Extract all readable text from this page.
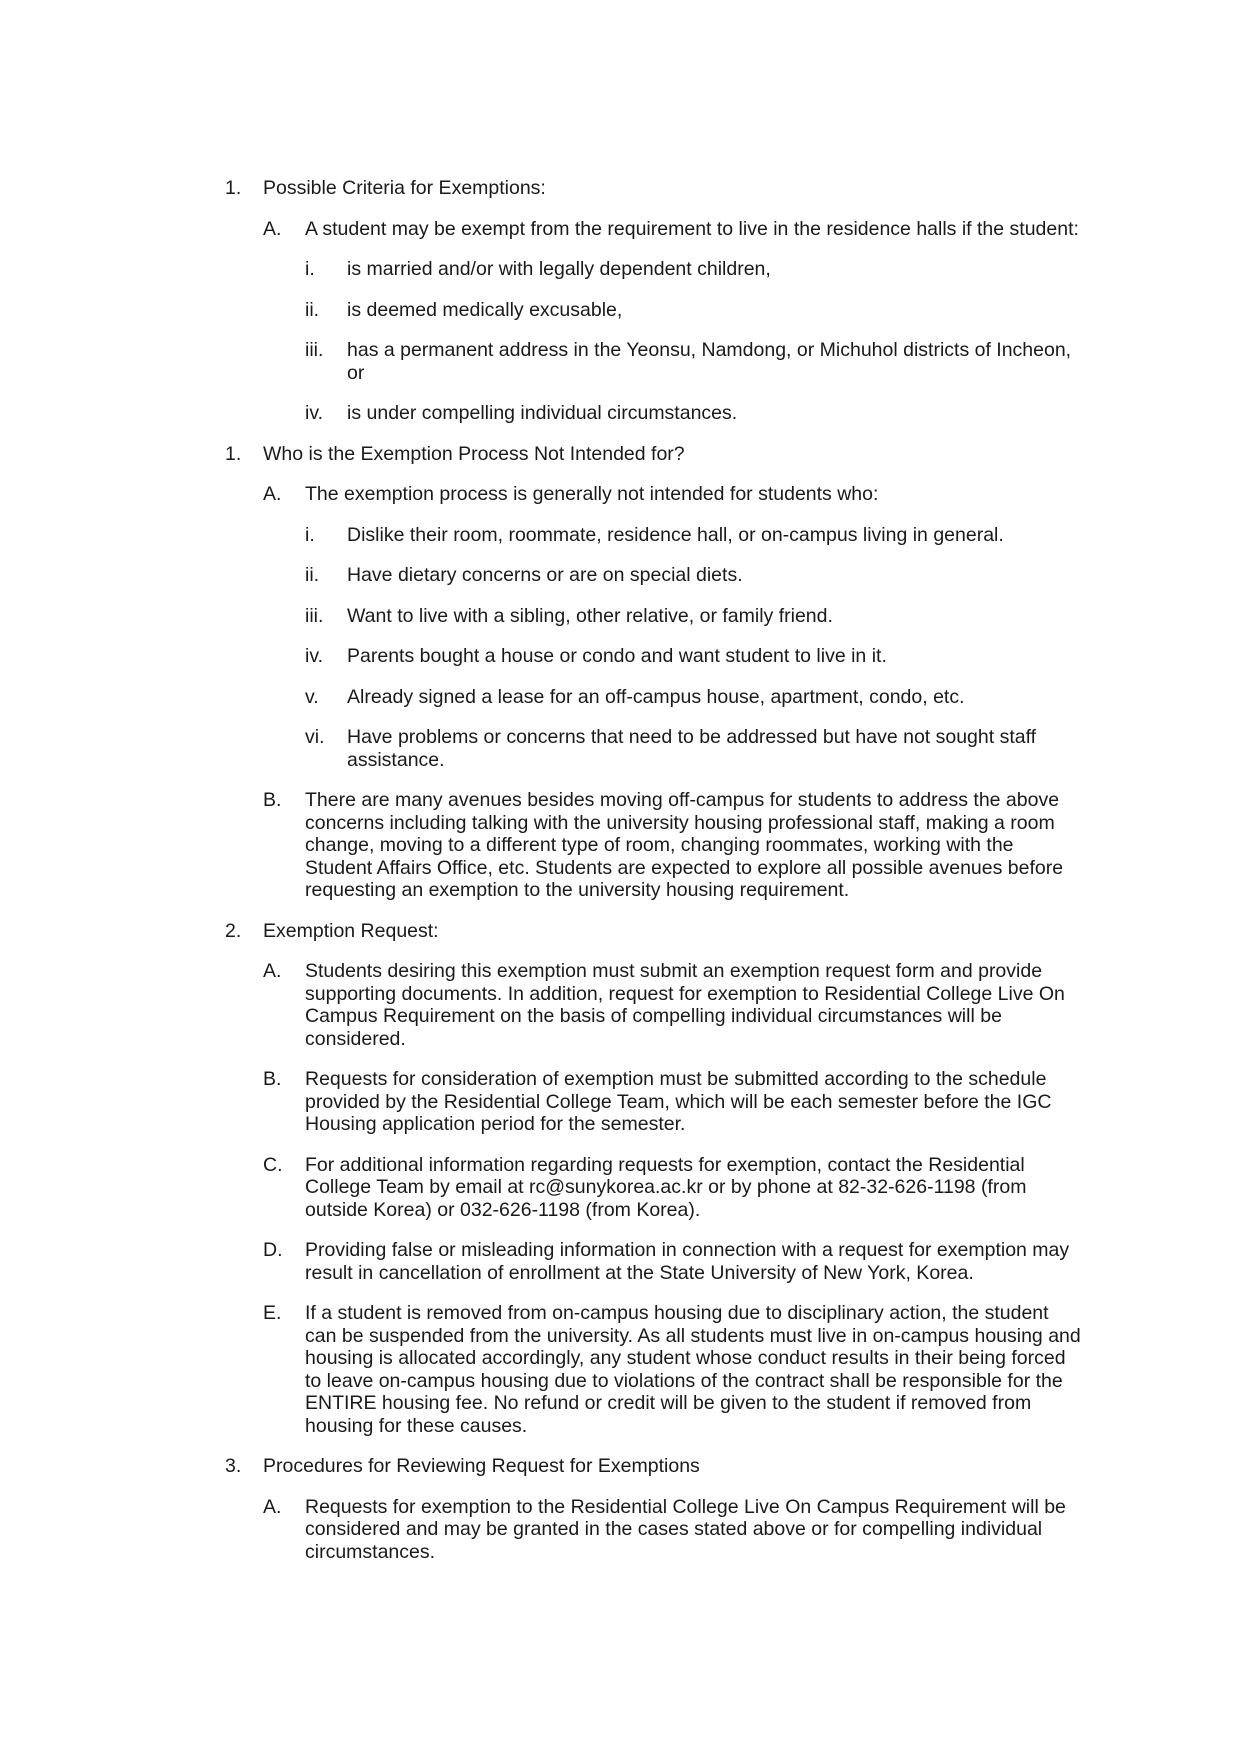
1. Possible Criteria for Exemptions:
A. A student may be exempt from the requirement to live in the residence halls if the student:
i. is married and/or with legally dependent children,
ii. is deemed medically excusable,
iii. has a permanent address in the Yeonsu, Namdong, or Michuhol districts of Incheon, or
iv. is under compelling individual circumstances.
1. Who is the Exemption Process Not Intended for?
A. The exemption process is generally not intended for students who:
i. Dislike their room, roommate, residence hall, or on-campus living in general.
ii. Have dietary concerns or are on special diets.
iii. Want to live with a sibling, other relative, or family friend.
iv. Parents bought a house or condo and want student to live in it.
v. Already signed a lease for an off-campus house, apartment, condo, etc.
vi. Have problems or concerns that need to be addressed but have not sought staff assistance.
B. There are many avenues besides moving off-campus for students to address the above concerns including talking with the university housing professional staff, making a room change, moving to a different type of room, changing roommates, working with the Student Affairs Office, etc. Students are expected to explore all possible avenues before requesting an exemption to the university housing requirement.
2. Exemption Request:
A. Students desiring this exemption must submit an exemption request form and provide supporting documents. In addition, request for exemption to Residential College Live On Campus Requirement on the basis of compelling individual circumstances will be considered.
B. Requests for consideration of exemption must be submitted according to the schedule provided by the Residential College Team, which will be each semester before the IGC Housing application period for the semester.
C. For additional information regarding requests for exemption, contact the Residential College Team by email at rc@sunykorea.ac.kr or by phone at 82-32-626-1198 (from outside Korea) or 032-626-1198 (from Korea).
D. Providing false or misleading information in connection with a request for exemption may result in cancellation of enrollment at the State University of New York, Korea.
E. If a student is removed from on-campus housing due to disciplinary action, the student can be suspended from the university. As all students must live in on-campus housing and housing is allocated accordingly, any student whose conduct results in their being forced to leave on-campus housing due to violations of the contract shall be responsible for the ENTIRE housing fee. No refund or credit will be given to the student if removed from housing for these causes.
3. Procedures for Reviewing Request for Exemptions
A. Requests for exemption to the Residential College Live On Campus Requirement will be considered and may be granted in the cases stated above or for compelling individual circumstances.
